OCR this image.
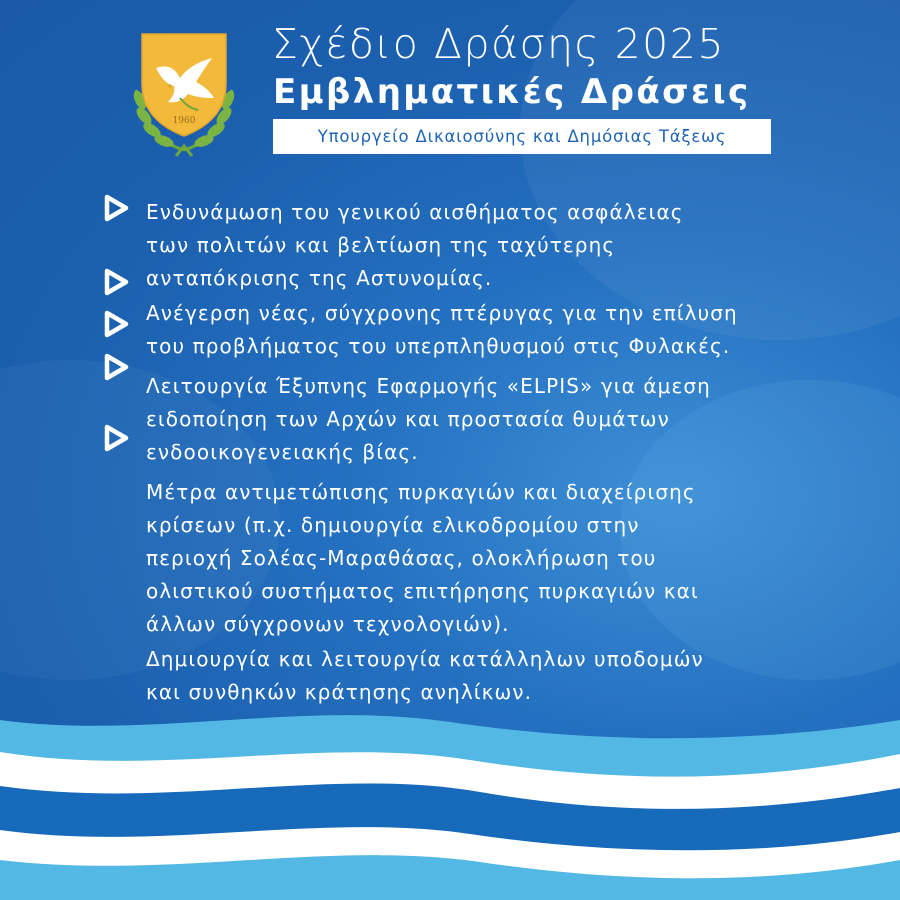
1960
Σχέδιο Δράσης 2025
Εμβληματικές Δράσεις
Υπουργείο Δικαιοσύνης και Δημόσιας Τάξεως

Ενδυνάμωση του γενικού αισθήματος ασφάλειας
των πολιτών και βελτίωση της ταχύτερης
ανταπόκρισης της Αστυνομίας.

Ανέγερση νέας, σύγχρονης πτέρυγας για την επίλυση
του προβλήματος του υπερπληθυσμού στις Φυλακές.

Λειτουργία Έξυπνης Εφαρμογής «ELPIS» για άμεση
ειδοποίηση των Αρχών και προστασία θυμάτων
ενδοοικογενειακής βίας.

Μέτρα αντιμετώπισης πυρκαγιών και διαχείρισης
κρίσεων (π.χ. δημιουργία ελικοδρομίου στην
περιοχή Σολέας-Μαραθάσας, ολοκλήρωση του
ολιστικού συστήματος επιτήρησης πυρκαγιών και
άλλων σύγχρονων τεχνολογιών).

Δημιουργία και λειτουργία κατάλληλων υποδομών
και συνθηκών κράτησης ανηλίκων.
